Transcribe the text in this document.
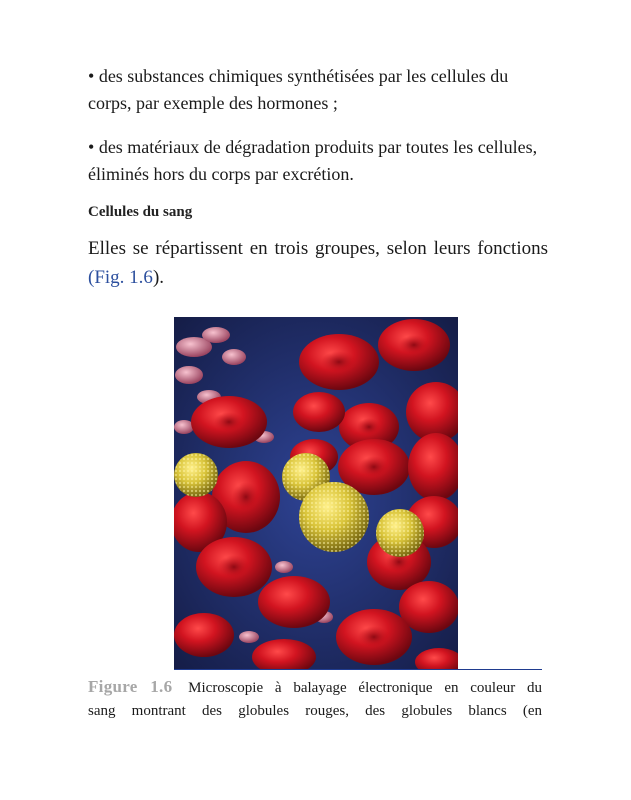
• des substances chimiques synthétisées par les cellules du corps, par exemple des hormones ;
• des matériaux de dégradation produits par toutes les cellules, éliminés hors du corps par excrétion.
Cellules du sang
Elles se répartissent en trois groupes, selon leurs fonctions (Fig. 1.6).
Figure 1.6 Microscopie à balayage électronique en couleur du
sang montrant des globules rouges, des globules blancs (en
